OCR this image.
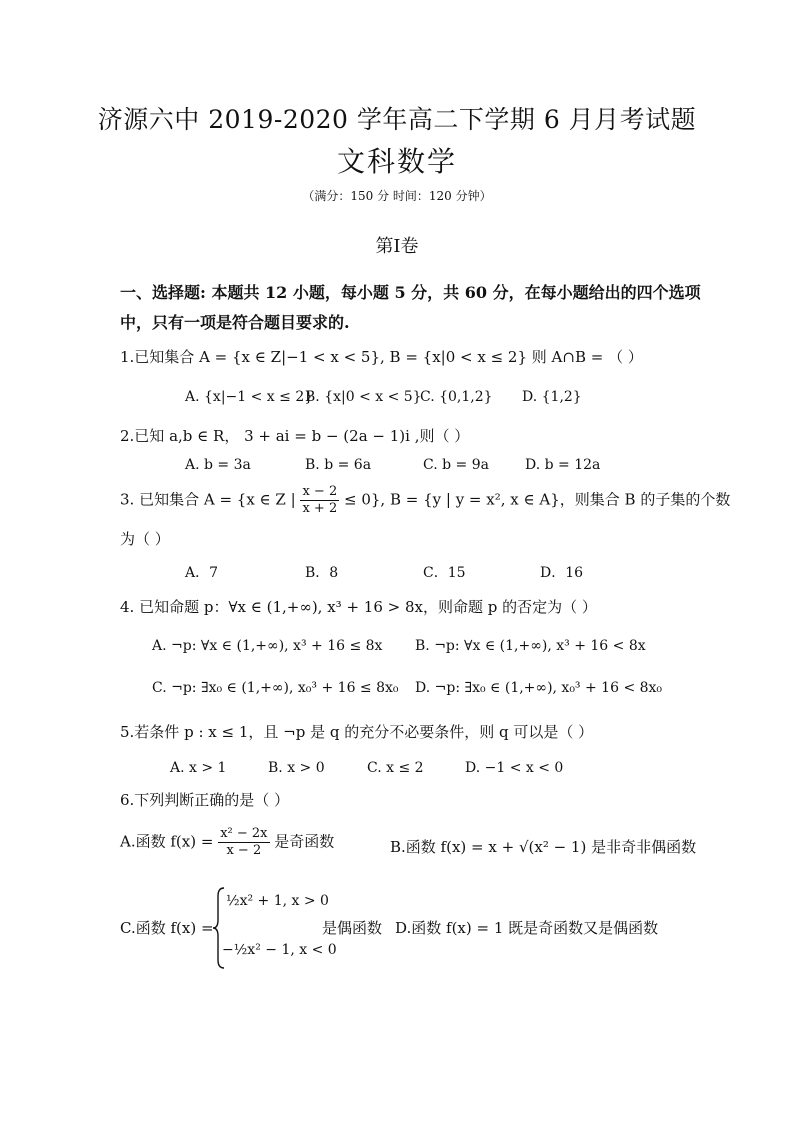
济源六中 2019-2020 学年高二下学期 6 月月考试题
文科数学
（满分：150 分 时间：120 分钟）
第Ⅰ卷
一、选择题: 本题共 12 小题，每小题 5 分，共 60 分，在每小题给出的四个选项
中，只有一项是符合题目要求的.
1.已知集合 A = {x ∈ Z|−1 < x < 5}, B = {x|0 < x ≤ 2} 则 A∩B = （ ）
A. {x|−1 < x ≤ 2}
B. {x|0 < x < 5}
C. {0,1,2} D. {1,2}
2.已知 a,b ∈ R， 3 + ai = b − (2a − 1)i ,则（ ）
A. b = 3a	B. b = 6a	C. b = 9a	D. b = 12a
3. 已知集合 A = {x ∈ Z | $\frac{x - 2}{x + 2} \le 0$}, B = {y | y = x², x ∈ A}，则集合 B 的子集的个数
为（ ）
A．7	B．8	C．15	D．16
4. 已知命题 p：∀x ∈ (1,+∞), x³ + 16 > 8x，则命题 p 的否定为（ ）
A. ¬p: ∀x ∈ (1,+∞), x³ + 16 ≤ 8x B. ¬p: ∀x ∈ (1,+∞), x³ + 16 < 8x
C. ¬p: ∃x₀ ∈ (1,+∞), x₀³ + 16 ≤ 8x₀ D. ¬p: ∃x₀ ∈ (1,+∞), x₀³ + 16 < 8x₀
5.若条件 p : x ≤ 1，且 ¬p 是 q 的充分不必要条件，则 q 可以是（ ）
A. x > 1	B. x > 0	C. x ≤ 2	D. −1 < x < 0
6.下列判断正确的是（ ）
A.函数 $f(x) = \frac{\text{x² − 2x}}{x - 2}$ 是奇函数	B.函数 f(x) = x + √(x² − 1) 是非奇非偶函数
C.函数 f(x) =
½x² + 1, x > 0
−½x² − 1, x < 0
是偶函数 D.函数 f(x) = 1 既是奇函数又是偶函数
